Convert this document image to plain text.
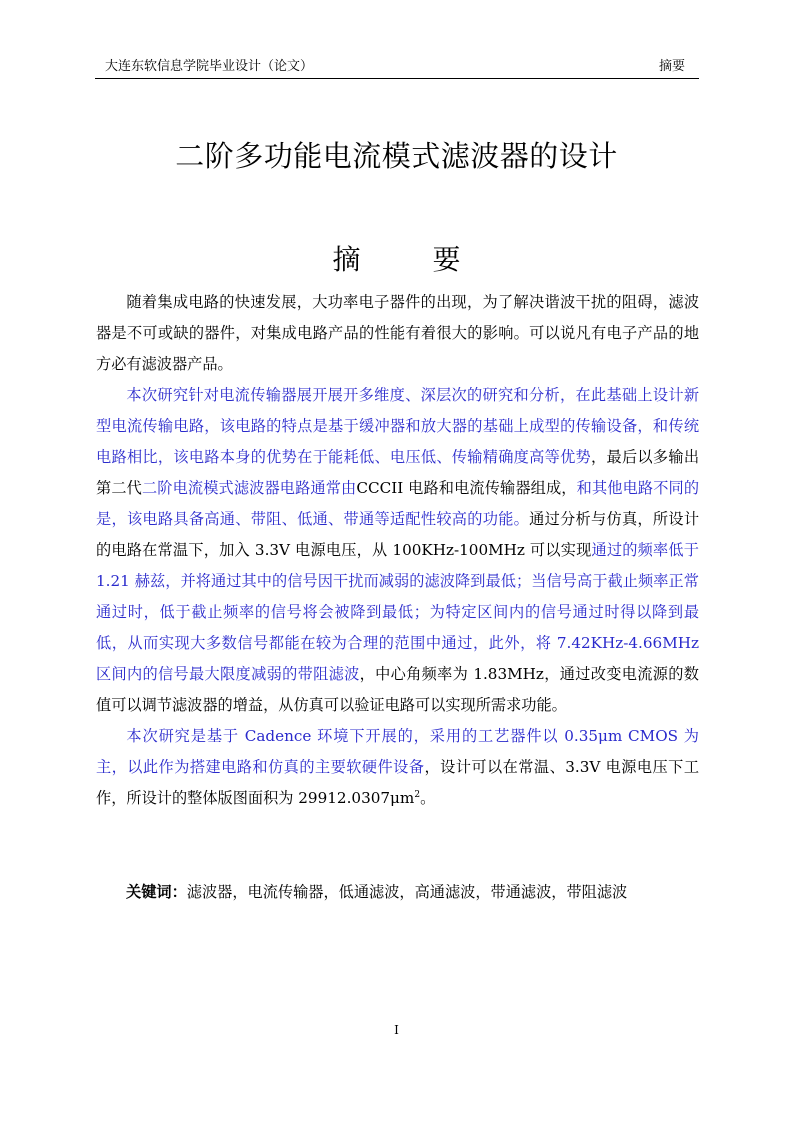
大连东软信息学院毕业设计（论文）	摘要
二阶多功能电流模式滤波器的设计
摘　要

随着集成电路的快速发展，大功率电子器件的出现，为了解决谐波干扰的阻碍，滤波器是不可或缺的器件，对集成电路产品的性能有着很大的影响。可以说凡有电子产品的地方必有滤波器产品。

本次研究针对电流传输器展开展开多维度、深层次的研究和分析，在此基础上设计新型电流传输电路，该电路的特点是基于缓冲器和放大器的基础上成型的传输设备，和传统电路相比，该电路本身的优势在于能耗低、电压低、传输精确度高等优势，最后以多输出第二代二阶电流模式滤波器电路通常由CCCII 电路和电流传输器组成，和其他电路不同的是，该电路具备高通、带阻、低通、带通等适配性较高的功能。通过分析与仿真，所设计的电路在常温下，加入 3.3V 电源电压，从 100KHz-100MHz 可以实现通过的频率低于 1.21 赫兹，并将通过其中的信号因干扰而减弱的滤波降到最低；当信号高于截止频率正常通过时，低于截止频率的信号将会被降到最低；为特定区间内的信号通过时得以降到最低，从而实现大多数信号都能在较为合理的范围中通过，此外，将 7.42KHz-4.66MHz 区间内的信号最大限度减弱的带阻滤波，中心角频率为 1.83MHz，通过改变电流源的数值可以调节滤波器的增益，从仿真可以验证电路可以实现所需求功能。

本次研究是基于 Cadence 环境下开展的，采用的工艺器件以 0.35μm CMOS 为主，以此作为搭建电路和仿真的主要软硬件设备，设计可以在常温、3.3V 电源电压下工作，所设计的整体版图面积为 $29912.0307\mu m^2$。

关键词：滤波器，电流传输器，低通滤波，高通滤波，带通滤波，带阻滤波
I
